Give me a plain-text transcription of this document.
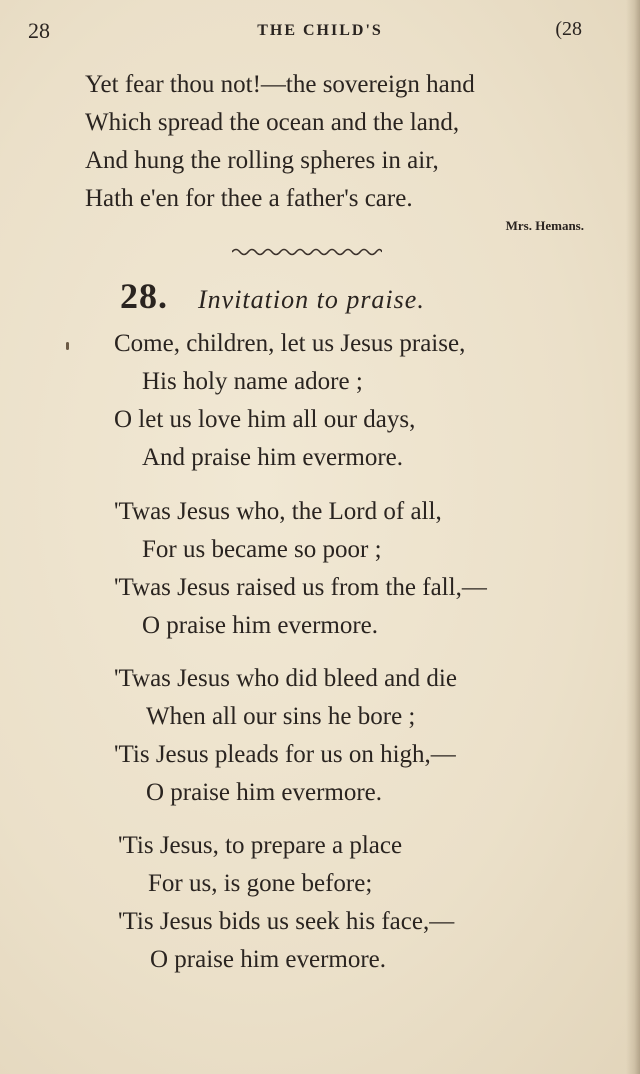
28	THE CHILD'S	(28
Yet fear thou not!—the sovereign hand
Which spread the ocean and the land,
And hung the rolling spheres in air,
Hath e'en for thee a father's care.
Mrs. Hemans.
28. Invitation to praise.
Come, children, let us Jesus praise,
His holy name adore ;
O let us love him all our days,
And praise him evermore.
'Twas Jesus who, the Lord of all,
For us became so poor ;
'Twas Jesus raised us from the fall,—
O praise him evermore.
'Twas Jesus who did bleed and die
When all our sins he bore ;
'Tis Jesus pleads for us on high,—
O praise him evermore.
'Tis Jesus, to prepare a place
For us, is gone before;
'Tis Jesus bids us seek his face,—
O praise him evermore.
